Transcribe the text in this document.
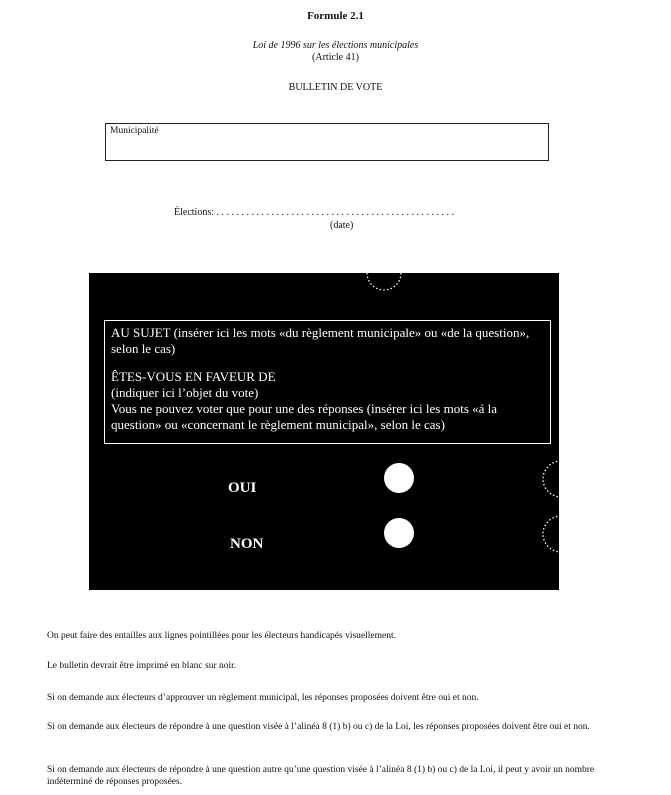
Formule 2.1
Loi de 1996 sur les élections municipales
(Article 41)
BULLETIN DE VOTE
Municipalité
Élections: . . . . . . . . . . . . . . . . . . . . . . . . . . . . . . . . . . . . . . . . . . . . . . . .
(date)

AU SUJET (insérer ici les mots «du règlement municipale» ou «de la question», selon le cas)

ÊTES-VOUS EN FAVEUR DE

(indiquer ici l’objet du vote)

Vous ne pouvez voter que pour une des réponses (insérer ici les mots «á la question» ou «concernant le règlement municipal», selon le cas)

OUI
NON
On peut faire des entailles aux lignes pointillées pour les électeurs handicapés visuellement.
Le bulletin devrait être imprimé en blanc sur noir.
Si on demande aux électeurs d’approuver un règlement municipal, les réponses proposées doivent être oui et non.
Si on demande aux électeurs de répondre à une question visée à l’alinéa 8 (1) b) ou c) de la Loi, les réponses proposées doivent être oui et non.
Si on demande aux électeurs de répondre à une question autre qu’une question visée à l’alinéa 8 (1) b) ou c) de la Loi, il peut y avoir un nombre indéterminé de réponses proposées.
